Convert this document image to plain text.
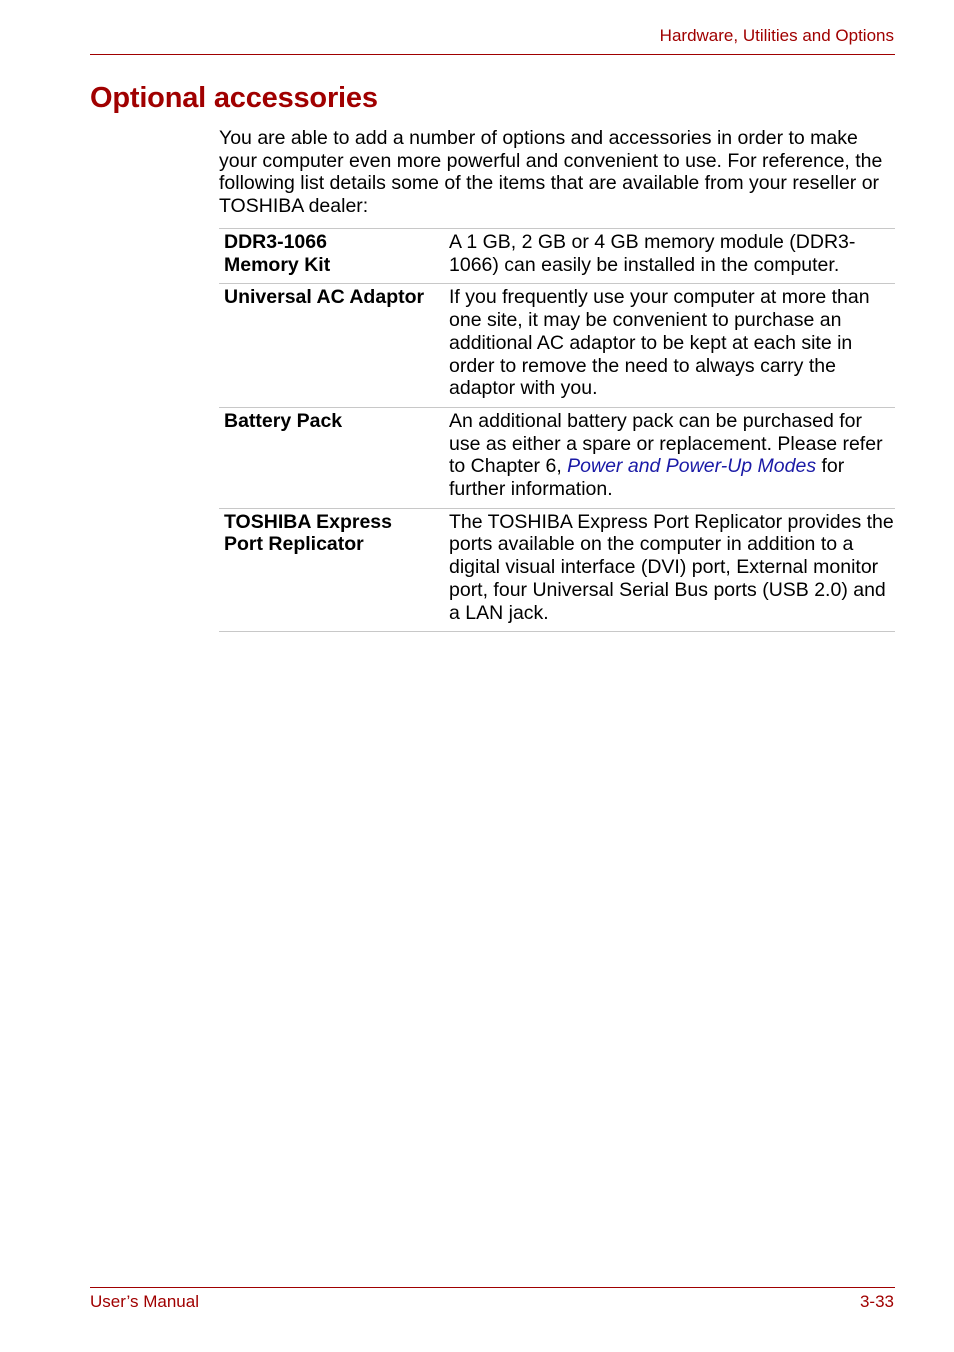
Hardware, Utilities and Options
Optional accessories

You are able to add a number of options and accessories in order to make your computer even more powerful and convenient to use. For reference, the following list details some of the items that are available from your reseller or TOSHIBA dealer:

DDR3-1066
Memory Kit	A 1 GB, 2 GB or 4 GB memory module (DDR3-1066) can easily be installed in the computer.
Universal AC Adaptor	If you frequently use your computer at more than one site, it may be convenient to purchase an additional AC adaptor to be kept at each site in order to remove the need to always carry the adaptor with you.
Battery Pack	An additional battery pack can be purchased for use as either a spare or replacement. Please refer to Chapter 6, Power and Power-Up Modes for further information.
TOSHIBA Express
Port Replicator	The TOSHIBA Express Port Replicator provides the ports available on the computer in addition to a digital visual interface (DVI) port, External monitor port, four Universal Serial Bus ports (USB 2.0) and a LAN jack.
User’s Manual	3-33
